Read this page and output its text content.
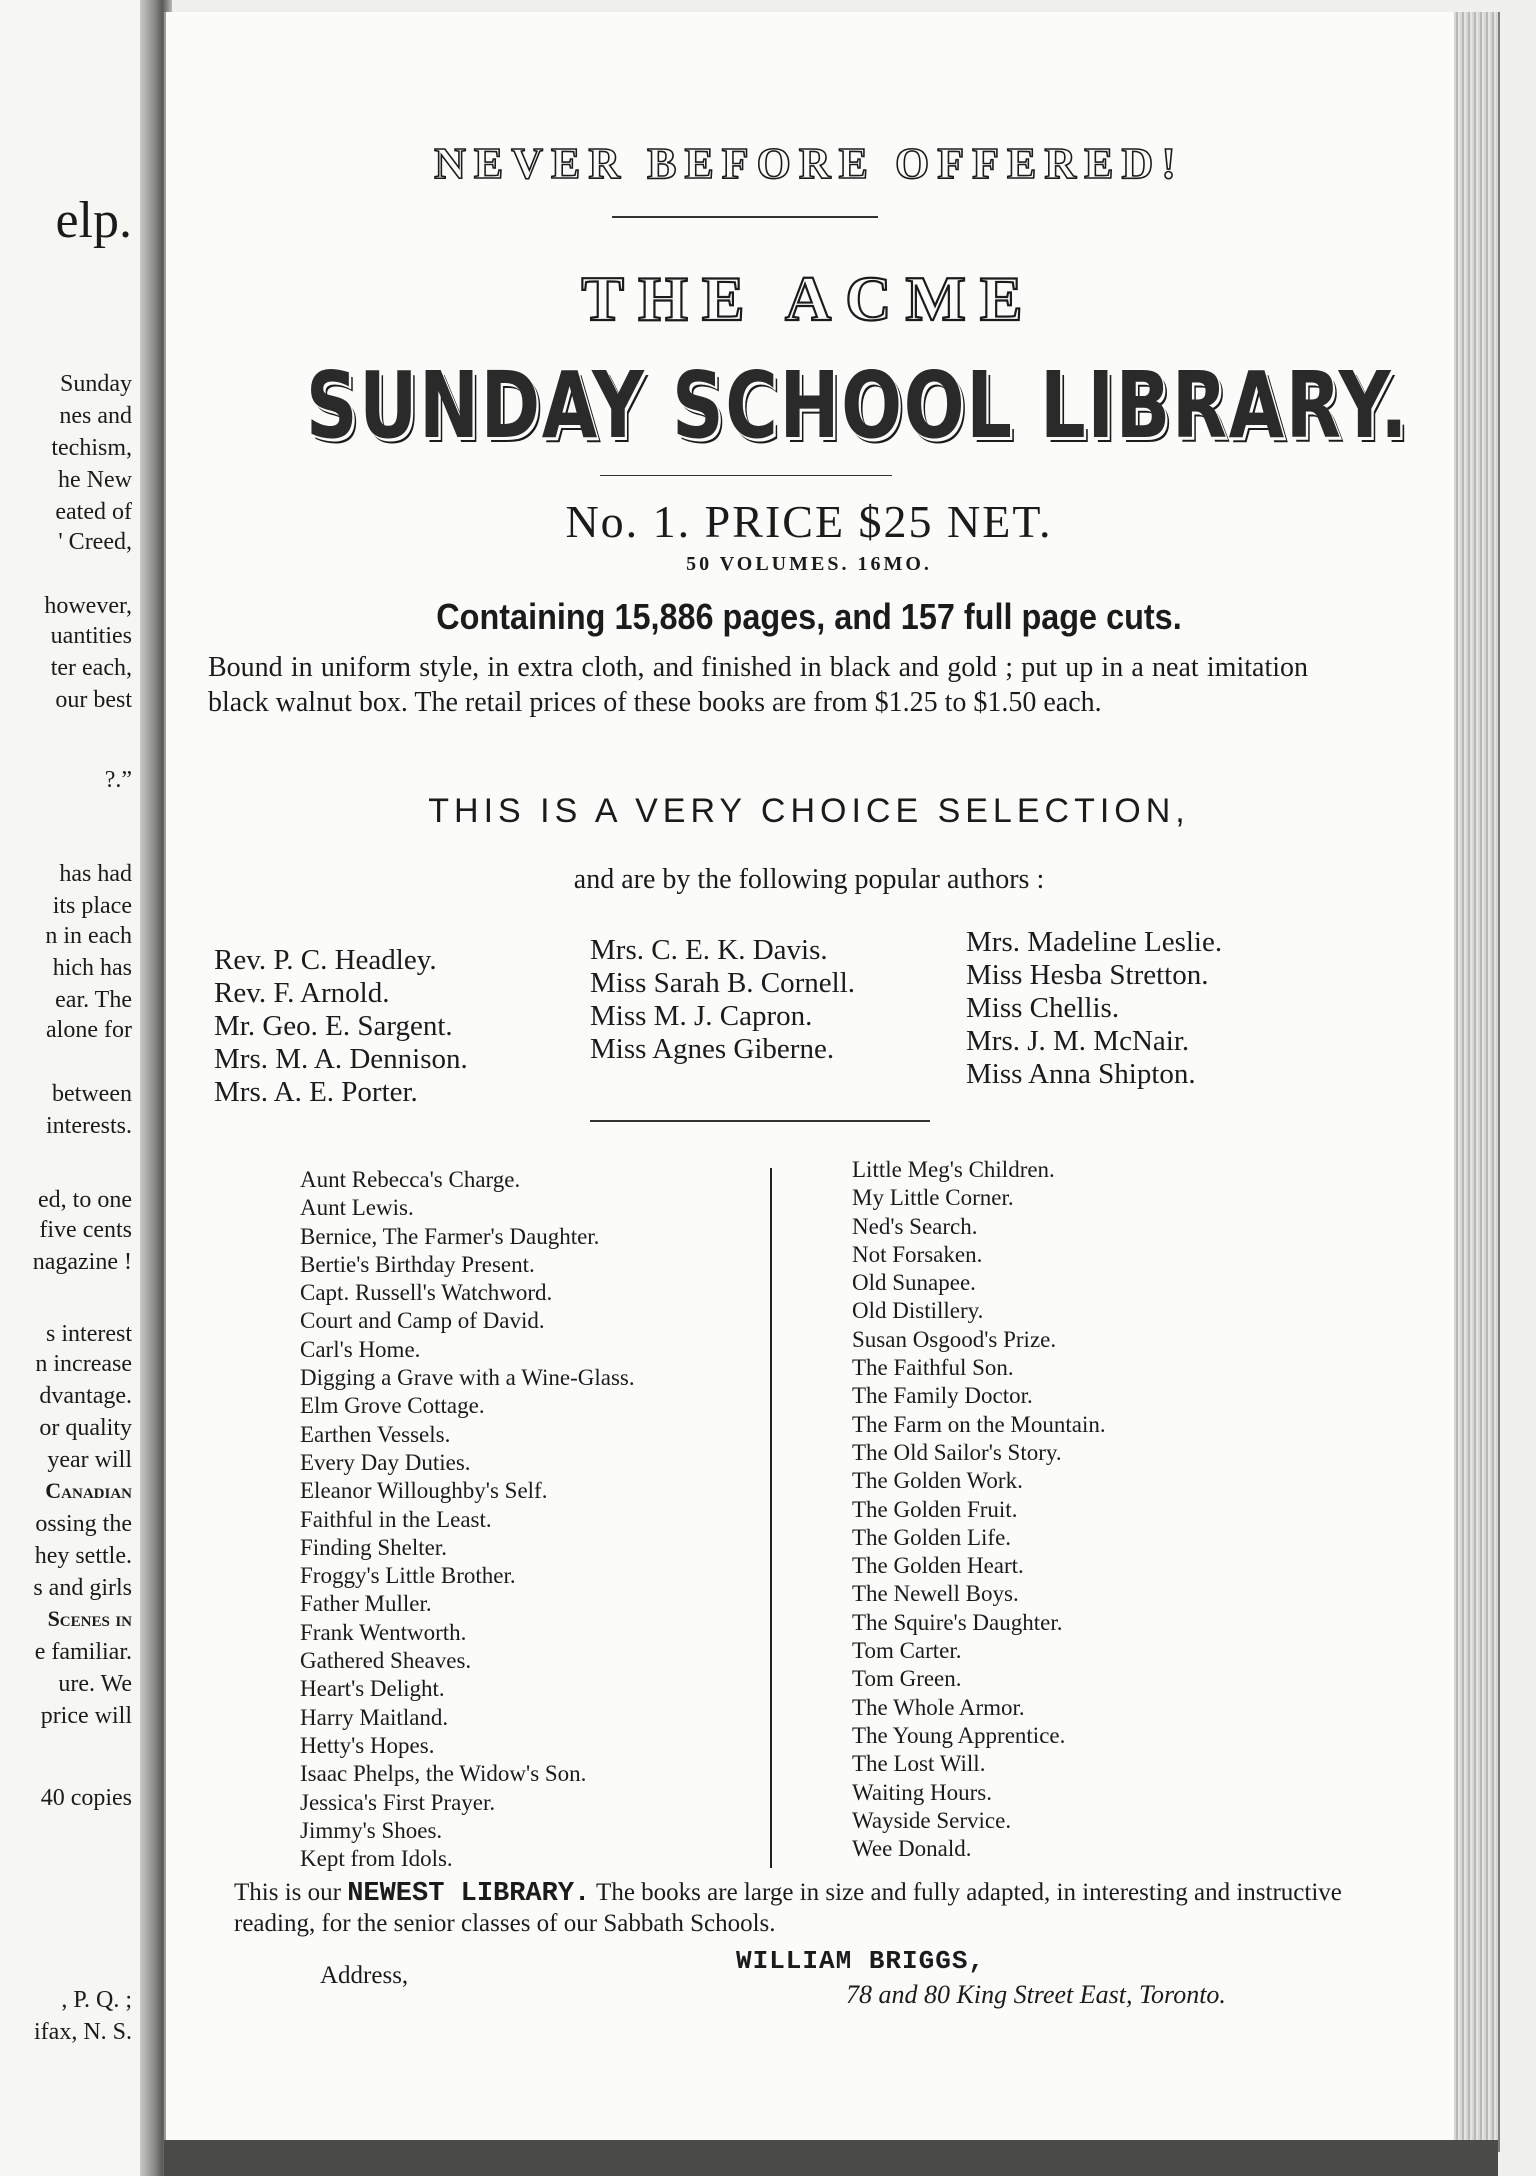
elp.
Sunday
nes and
techism,
he New
eated of
' Creed,
however,
uantities
ter each,
our best
?.”
has had
its place
n in each
hich has
ear. The
alone for
between
interests.
ed, to one
five cents
nagazine !
s interest
n increase
dvantage.
or quality
year will
Canadian
ossing the
hey settle.
s and girls
Scenes in
e familiar.
ure. We
price will
40 copies
, P. Q. ;
ifax, N. S.
NEVER BEFORE OFFERED!
THE ACME
SUNDAY SCHOOL LIBRARY.
No. 1. PRICE $25 NET.
50 VOLUMES. 16MO.
Containing 15,886 pages, and 157 full page cuts.
Bound in uniform style, in extra cloth, and finished in black and gold ; put up in a neat imitation black walnut box. The retail prices of these books are from $1.25 to $1.50 each.
THIS IS A VERY CHOICE SELECTION,
and are by the following popular authors :
Rev. P. C. Headley.
Rev. F. Arnold.
Mr. Geo. E. Sargent.
Mrs. M. A. Dennison.
Mrs. A. E. Porter.
Mrs. C. E. K. Davis.
Miss Sarah B. Cornell.
Miss M. J. Capron.
Miss Agnes Giberne.
Mrs. Madeline Leslie.
Miss Hesba Stretton.
Miss Chellis.
Mrs. J. M. McNair.
Miss Anna Shipton.
Aunt Rebecca's Charge.
Aunt Lewis.
Bernice, The Farmer's Daughter.
Bertie's Birthday Present.
Capt. Russell's Watchword.
Court and Camp of David.
Carl's Home.
Digging a Grave with a Wine-Glass.
Elm Grove Cottage.
Earthen Vessels.
Every Day Duties.
Eleanor Willoughby's Self.
Faithful in the Least.
Finding Shelter.
Froggy's Little Brother.
Father Muller.
Frank Wentworth.
Gathered Sheaves.
Heart's Delight.
Harry Maitland.
Hetty's Hopes.
Isaac Phelps, the Widow's Son.
Jessica's First Prayer.
Jimmy's Shoes.
Kept from Idols.
Little Meg's Children.
My Little Corner.
Ned's Search.
Not Forsaken.
Old Sunapee.
Old Distillery.
Susan Osgood's Prize.
The Faithful Son.
The Family Doctor.
The Farm on the Mountain.
The Old Sailor's Story.
The Golden Work.
The Golden Fruit.
The Golden Life.
The Golden Heart.
The Newell Boys.
The Squire's Daughter.
Tom Carter.
Tom Green.
The Whole Armor.
The Young Apprentice.
The Lost Will.
Waiting Hours.
Wayside Service.
Wee Donald.
This is our NEWEST LIBRARY. The books are large in size and fully adapted, in interesting and instructive reading, for the senior classes of our Sabbath Schools.
Address,	WILLIAM BRIGGS,
78 and 80 King Street East, Toronto.
